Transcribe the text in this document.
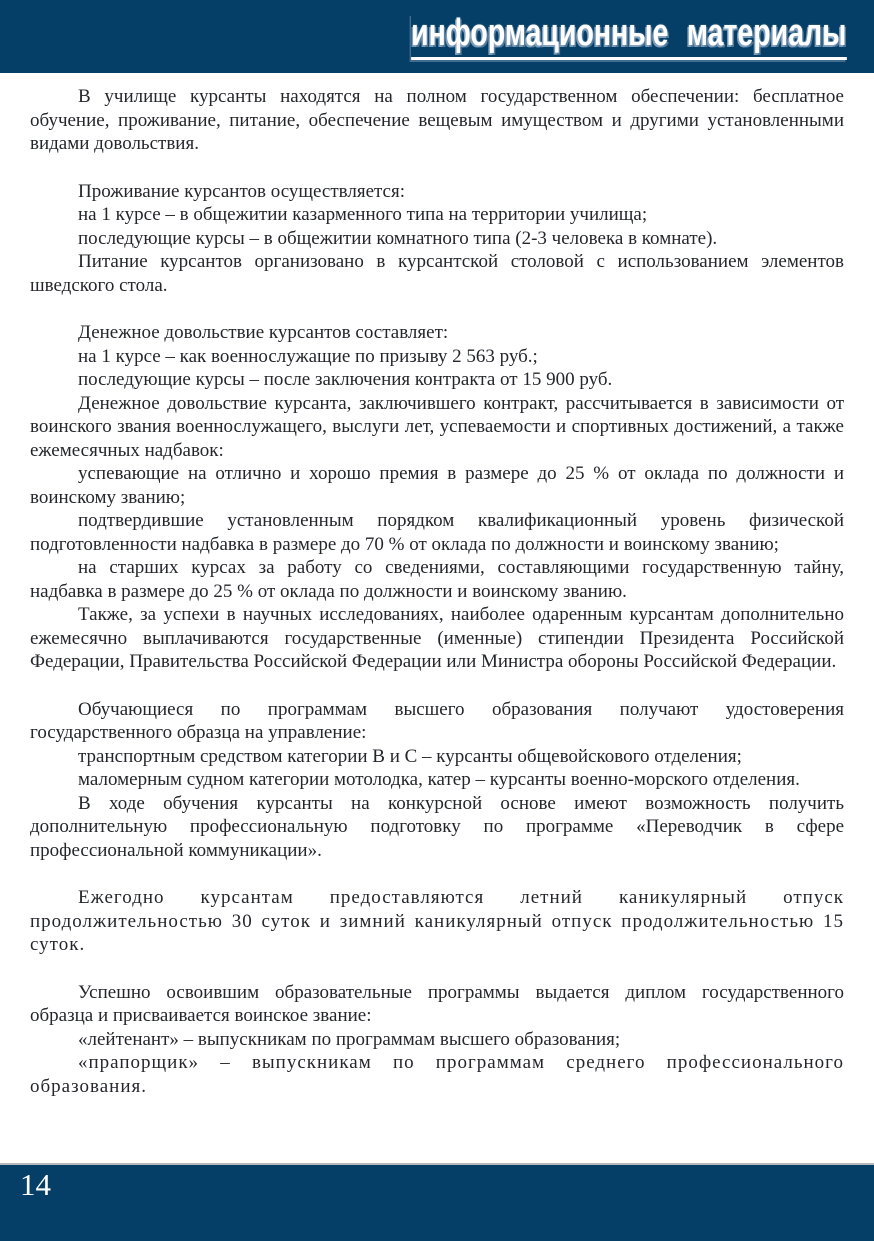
информационные материалы

В училище курсанты находятся на полном государственном обеспечении: бесплатное обучение, проживание, питание, обеспечение вещевым имуществом и другими установленными видами довольствия.

Проживание курсантов осуществляется:

на 1 курсе – в общежитии казарменного типа на территории училища;

последующие курсы – в общежитии комнатного типа (2-3 человека в комнате).

Питание курсантов организовано в курсантской столовой с использованием элементов шведского стола.

Денежное довольствие курсантов составляет:

на 1 курсе – как военнослужащие по призыву 2 563 руб.;

последующие курсы – после заключения контракта от 15 900 руб.

Денежное довольствие курсанта, заключившего контракт, рассчитывается в зависимости от воинского звания военнослужащего, выслуги лет, успеваемости и спортивных достижений, а также ежемесячных надбавок:

успевающие на отлично и хорошо премия в размере до 25 % от оклада по должности и воинскому званию;

подтвердившие установленным порядком квалификационный уровень физической подготовленности надбавка в размере до 70 % от оклада по должности и воинскому званию;

на старших курсах за работу со сведениями, составляющими государственную тайну, надбавка в размере до 25 % от оклада по должности и воинскому званию.

Также, за успехи в научных исследованиях, наиболее одаренным курсантам дополнительно ежемесячно выплачиваются государственные (именные) стипендии Президента Российской Федерации, Правительства Российской Федерации или Министра обороны Российской Федерации.

Обучающиеся по программам высшего образования получают удостоверения государственного образца на управление:

транспортным средством категории В и С – курсанты общевойскового отделения;

маломерным судном категории мотолодка, катер – курсанты военно-морского отделения.

В ходе обучения курсанты на конкурсной основе имеют возможность получить дополнительную профессиональную подготовку по программе «Переводчик в сфере профессиональной коммуникации».

Ежегодно курсантам предоставляются летний каникулярный отпуск продолжительностью 30 суток и зимний каникулярный отпуск продолжительностью 15 суток.

Успешно освоившим образовательные программы выдается диплом государственного образца и присваивается воинское звание:

«лейтенант» – выпускникам по программам высшего образования;

«прапорщик» – выпускникам по программам среднего профессионального образования.

14
